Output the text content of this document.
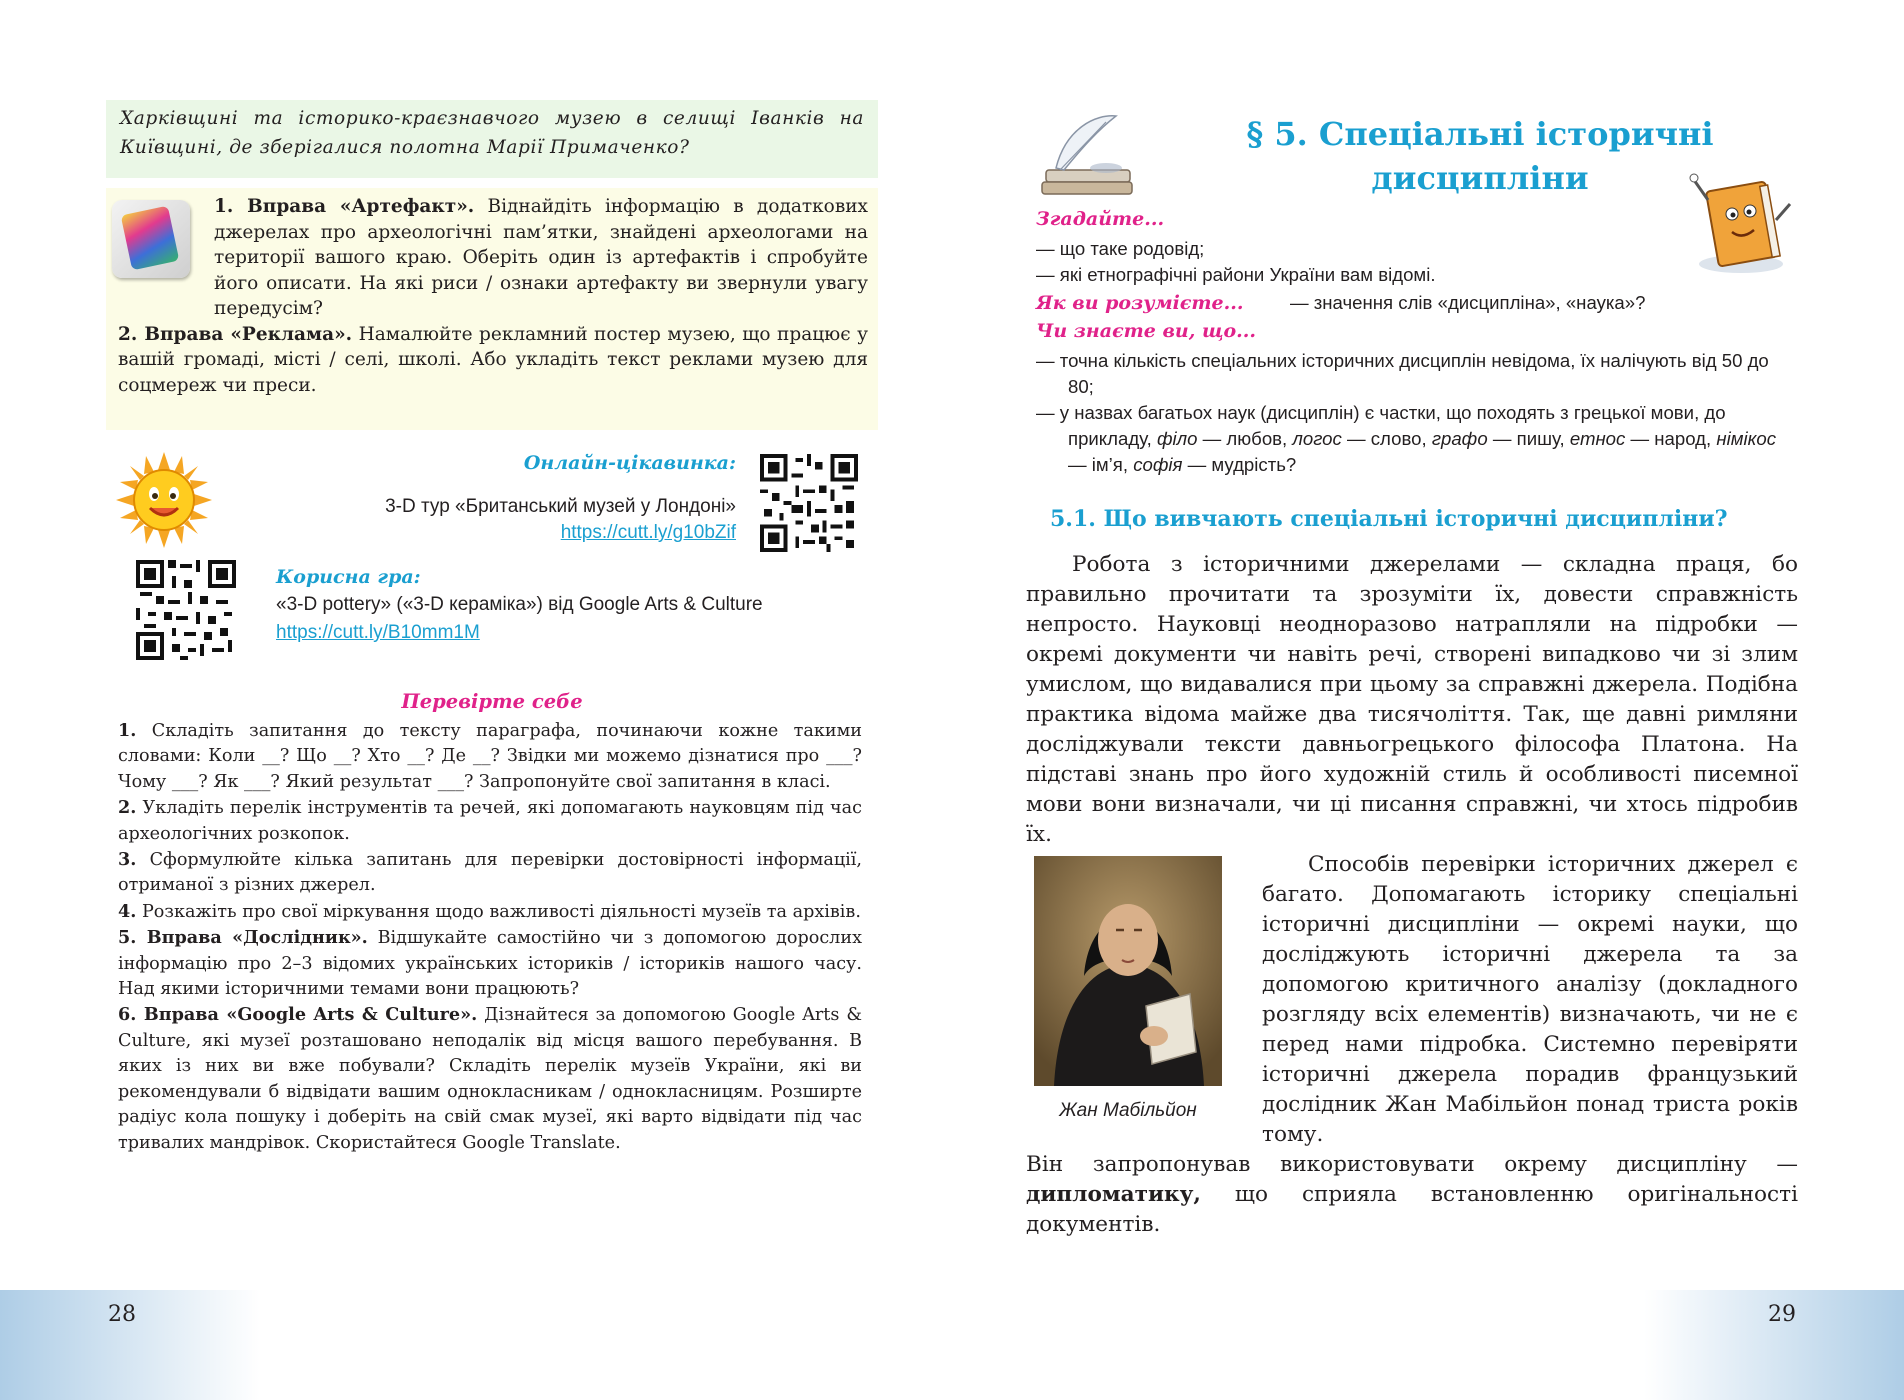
Харківщині та історико-краєзнавчого музею в селищі Іванків на Київщині, де зберігалися полотна Марії Примаченко?

1. Вправа «Артефакт». Віднайдіть інформацію в додаткових джерелах про археологічні пам’ятки, знайдені археологами на території вашого краю. Оберіть один із артефактів і спробуйте його описати. На які риси / ознаки артефакту ви звернули увагу передусім?

2. Вправа «Реклама». Намалюйте рекламний постер музею, що працює у вашій громаді, місті / селі, школі. Або укладіть текст реклами музею для соцмереж чи преси.

Онлайн-цікавинка:
3-D тур «Британський музей у Лондоні»
https://cutt.ly/g10bZif
Корисна гра:
«3-D pottery» («3-D кераміка») від Google Arts & Culture
https://cutt.ly/B10mm1M
Перевірте себе

1. Складіть запитання до тексту параграфа, починаючи кожне такими словами: Коли __? Що __? Хто __? Де __? Звідки ми можемо дізнатися про ___? Чому ___? Як ___? Який результат ___? Запропонуйте свої запитання в класі.

2. Укладіть перелік інструментів та речей, які допомагають науковцям під час археологічних розкопок.

3. Сформулюйте кілька запитань для перевірки достовірності інформації, отриманої з різних джерел.

4. Розкажіть про свої міркування щодо важливості діяльності музеїв та архівів.

5. Вправа «Дослідник». Відшукайте самостійно чи з допомогою дорослих інформацію про 2–3 відомих українських істориків / істориків нашого часу. Над якими історичними темами вони працюють?

6. Вправа «Google Arts & Culture». Дізнайтеся за допомогою Google Arts & Culture, які музеї розташовано неподалік від місця вашого перебування. В яких із них ви вже побували? Складіть перелік музеїв України, які ви рекомендували б відвідати вашим однокласникам / однокласницям. Розширте радіус кола пошуку і доберіть на свій смак музеї, які варто відвідати під час тривалих мандрівок. Скористайтеся Google Translate.

28	29
§ 5. Спеціальні історичні
дисципліни
Згадайте...
— що таке родовід;
— які етнографічні райони України вам відомі.
Як ви розумієте...	— значення слів «дисципліна», «наука»?
Чи знаєте ви, що...

— точна кількість спеціальних історичних дисциплін невідома, їх налічують від 50 до 80;

— у назвах багатьох наук (дисциплін) є частки, що походять з грецької мови, до прикладу, філо — любов, логос — слово, графо — пишу, етнос — народ, німікос — ім’я, софія — мудрість?

5.1. Що вивчають спеціальні історичні дисципліни?

Робота з історичними джерелами — складна праця, бо правильно прочитати та зрозуміти їх, довести справжність непросто. Науковці неодноразово натрапляли на підробки — окремі документи чи навіть речі, створені випадково чи зі злим умислом, що видавалися при цьому за справжні джерела. Подібна практика відома майже два тисячоліття. Так, ще давні римляни досліджували тексти давньогрецького філософа Платона. На підставі знань про його художній стиль й особливості писемної мови вони визначали, чи ці писання справжні, чи хтось підробив їх.

Жан Мабільйон

Способів перевірки історичних джерел є багато. Допомагають історику спеціальні історичні дисципліни — окремі науки, що досліджують історичні джерела та за допомогою критичного аналізу (докладного розгляду всіх елементів) визначають, чи не є перед нами підробка. Системно перевіряти історичні джерела порадив французький дослідник Жан Мабільйон понад триста років тому.

Він запропонував використовувати окрему дисципліну — дипломатику, що сприяла встановленню оригінальності документів.
